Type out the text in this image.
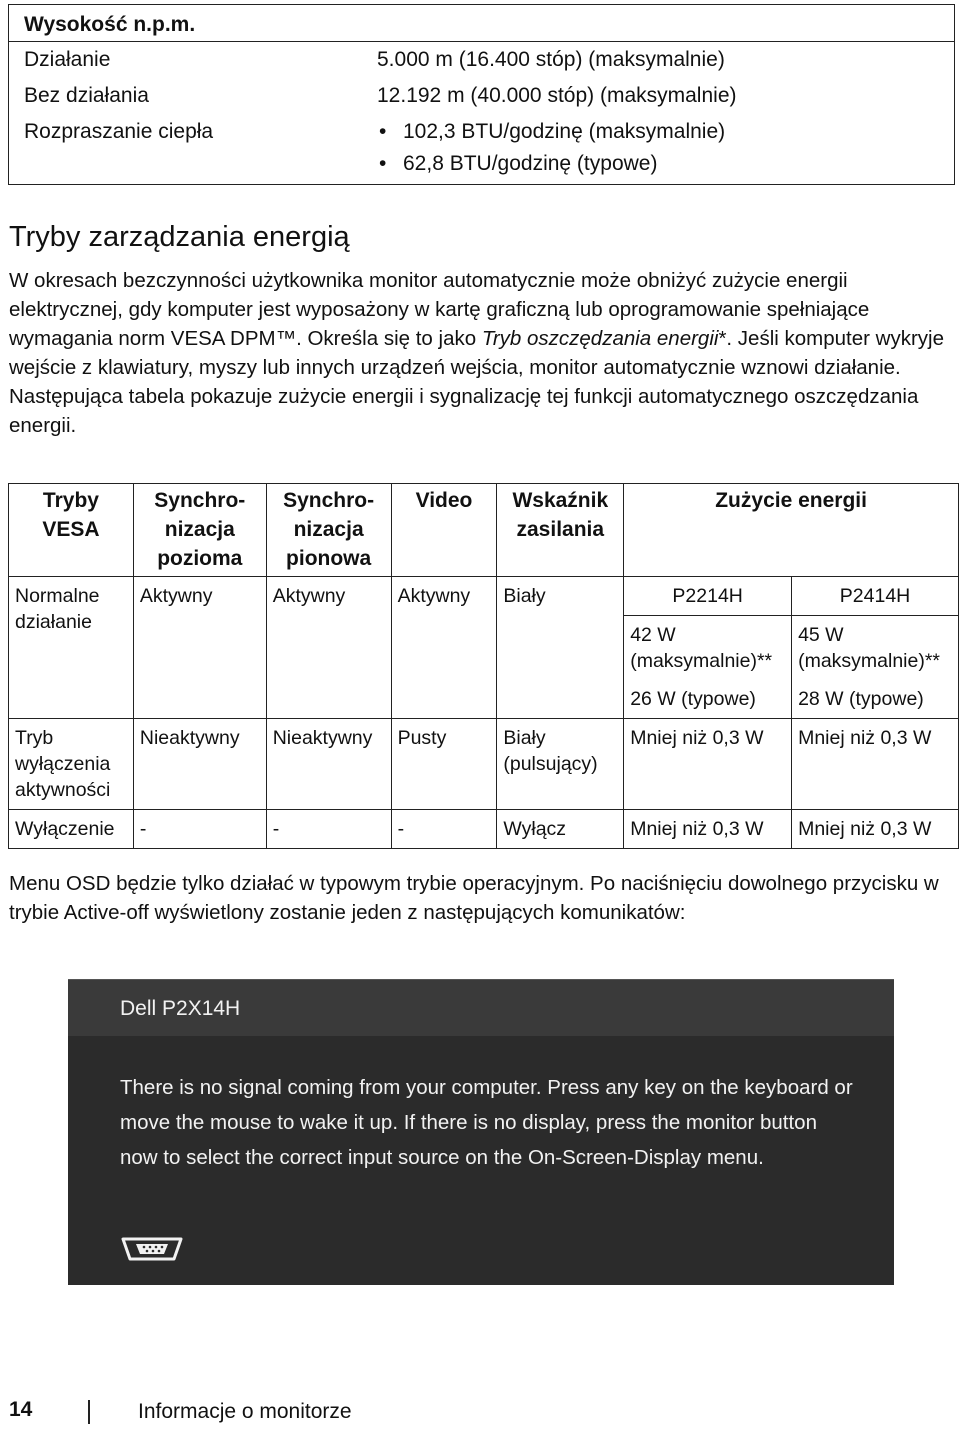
Wysokość n.p.m.
Działanie	5.000 m (16.400 stóp) (maksymalnie)
Bez działania	12.192 m (40.000 stóp) (maksymalnie)
Rozpraszanie ciepła	• 102,3 BTU/godzinę (maksymalnie)
• 62,8 BTU/godzinę (typowe)
Tryby zarządzania energią

W okresach bezczynności użytkownika monitor automatycznie może obniżyć zużycie energii elektrycznej, gdy komputer jest wyposażony w kartę graficzną lub oprogramowanie spełniające wymagania norm VESA DPM™. Określa się to jako Tryb oszczędzania energii*. Jeśli komputer wykryje wejście z klawiatury, myszy lub innych urządzeń wejścia, monitor automatycznie wznowi działanie. Następująca tabela pokazuje zużycie energii i sygnalizację tej funkcji automatycznego oszczędzania energii.

Tryby VESA	Synchro-nizacja pozioma	Synchro-nizacja pionowa	Video	Wskaźnik zasilania	Zużycie energii	
Normalne działanie	Aktywny	Aktywny	Aktywny	Biały	P2214H	P2414H
					42 W (maksymalnie)**	45 W (maksymalnie)**
					26 W (typowe)	28 W (typowe)
Tryb wyłączenia aktywności	Nieaktywny	Nieaktywny	Pusty	Biały (pulsujący)	Mniej niż 0,3 W	Mniej niż 0,3 W
Wyłączenie	-	-	-	Wyłącz	Mniej niż 0,3 W	Mniej niż 0,3 W

Menu OSD będzie tylko działać w typowym trybie operacyjnym. Po naciśnięciu dowolnego przycisku w trybie Active-off wyświetlony zostanie jeden z następujących komunikatów:

Dell P2X14H

There is no signal coming from your computer. Press any key on the keyboard or move the mouse to wake it up. If there is no display, press the monitor button now to select the correct input source on the On-Screen-Display menu.

14	Informacje o monitorze
